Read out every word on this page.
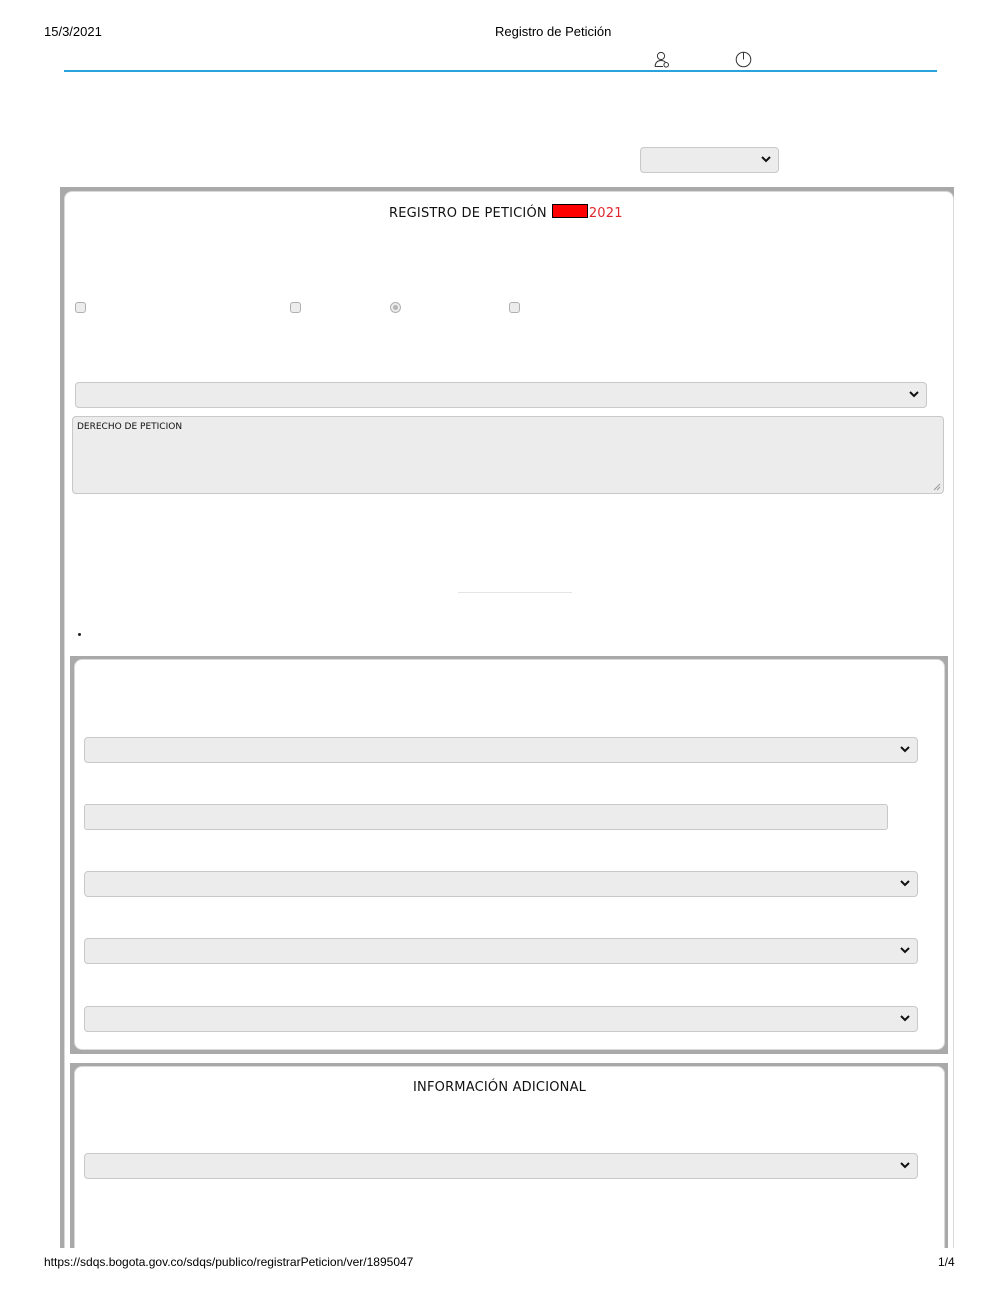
15/3/2021	Registro de Petición
REGISTRO DE PETICIÓN	2021
DERECHO DE PETICION
INFORMACIÓN ADICIONAL
https://sdqs.bogota.gov.co/sdqs/publico/registrarPeticion/ver/1895047	1/4
